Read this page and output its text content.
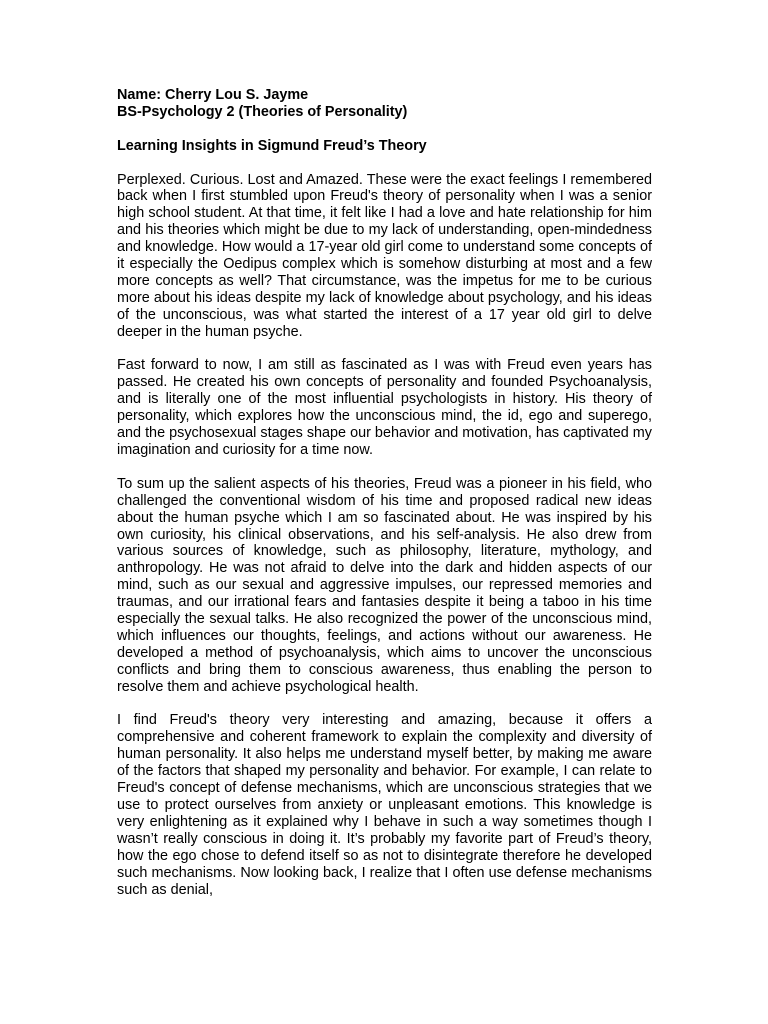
Name: Cherry Lou S. Jayme

BS-Psychology 2 (Theories of Personality)

Learning Insights in Sigmund Freud’s Theory

Perplexed. Curious. Lost and Amazed. These were the exact feelings I remembered back when I first stumbled upon Freud's theory of personality when I was a senior high school student. At that time, it felt like I had a love and hate relationship for him and his theories which might be due to my lack of understanding, open-mindedness and knowledge. How would a 17-year old girl come to understand some concepts of it especially the Oedipus complex which is somehow disturbing at most and a few more concepts as well? That circumstance, was the impetus for me to be curious more about his ideas despite my lack of knowledge about psychology, and his ideas of the unconscious, was what started the interest of a 17 year old girl to delve deeper in the human psyche.

Fast forward to now, I am still as fascinated as I was with Freud even years has passed. He created his own concepts of personality and founded Psychoanalysis, and is literally one of the most influential psychologists in history. His theory of personality, which explores how the unconscious mind, the id, ego and superego, and the psychosexual stages shape our behavior and motivation, has captivated my imagination and curiosity for a time now.

To sum up the salient aspects of his theories, Freud was a pioneer in his field, who challenged the conventional wisdom of his time and proposed radical new ideas about the human psyche which I am so fascinated about. He was inspired by his own curiosity, his clinical observations, and his self-analysis. He also drew from various sources of knowledge, such as philosophy, literature, mythology, and anthropology. He was not afraid to delve into the dark and hidden aspects of our mind, such as our sexual and aggressive impulses, our repressed memories and traumas, and our irrational fears and fantasies despite it being a taboo in his time especially the sexual talks. He also recognized the power of the unconscious mind, which influences our thoughts, feelings, and actions without our awareness. He developed a method of psychoanalysis, which aims to uncover the unconscious conflicts and bring them to conscious awareness, thus enabling the person to resolve them and achieve psychological health.

I find Freud's theory very interesting and amazing, because it offers a comprehensive and coherent framework to explain the complexity and diversity of human personality. It also helps me understand myself better, by making me aware of the factors that shaped my personality and behavior. For example, I can relate to Freud's concept of defense mechanisms, which are unconscious strategies that we use to protect ourselves from anxiety or unpleasant emotions. This knowledge is very enlightening as it explained why I behave in such a way sometimes though I wasn’t really conscious in doing it. It’s probably my favorite part of Freud’s theory, how the ego chose to defend itself so as not to disintegrate therefore he developed such mechanisms. Now looking back, I realize that I often use defense mechanisms such as denial,
